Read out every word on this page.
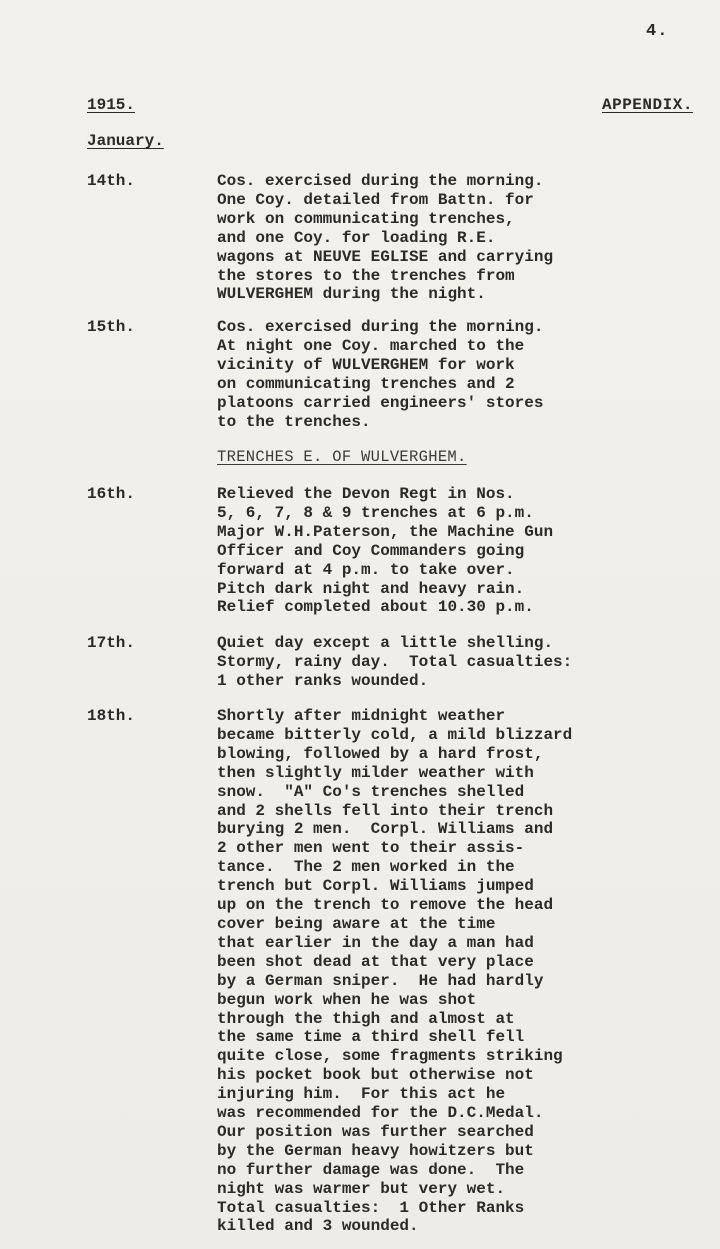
4.
1915.	APPENDIX.
January.
14th.	Cos. exercised during the morning.
One Coy. detailed from Battn. for
work on communicating trenches,
and one Coy. for loading R.E.
wagons at NEUVE EGLISE and carrying
the stores to the trenches from
WULVERGHEM during the night.
15th.	Cos. exercised during the morning.
At night one Coy. marched to the
vicinity of WULVERGHEM for work
on communicating trenches and 2
platoons carried engineers' stores
to the trenches.
TRENCHES E. OF WULVERGHEM.
16th.	Relieved the Devon Regt in Nos.
5, 6, 7, 8 & 9 trenches at 6 p.m.
Major W.H.Paterson, the Machine Gun
Officer and Coy Commanders going
forward at 4 p.m. to take over.
Pitch dark night and heavy rain.
Relief completed about 10.30 p.m.
17th.	Quiet day except a little shelling.
Stormy, rainy day.  Total casualties:
1 other ranks wounded.
18th.	Shortly after midnight weather
became bitterly cold, a mild blizzard
blowing, followed by a hard frost,
then slightly milder weather with
snow.  "A" Co's trenches shelled
and 2 shells fell into their trench
burying 2 men.  Corpl. Williams and
2 other men went to their assis-
tance.  The 2 men worked in the
trench but Corpl. Williams jumped
up on the trench to remove the head
cover being aware at the time
that earlier in the day a man had
been shot dead at that very place
by a German sniper.  He had hardly
begun work when he was shot
through the thigh and almost at
the same time a third shell fell
quite close, some fragments striking
his pocket book but otherwise not
injuring him.  For this act he
was recommended for the D.C.Medal.
Our position was further searched
by the German heavy howitzers but
no further damage was done.  The
night was warmer but very wet.
Total casualties:  1 Other Ranks
killed and 3 wounded.
